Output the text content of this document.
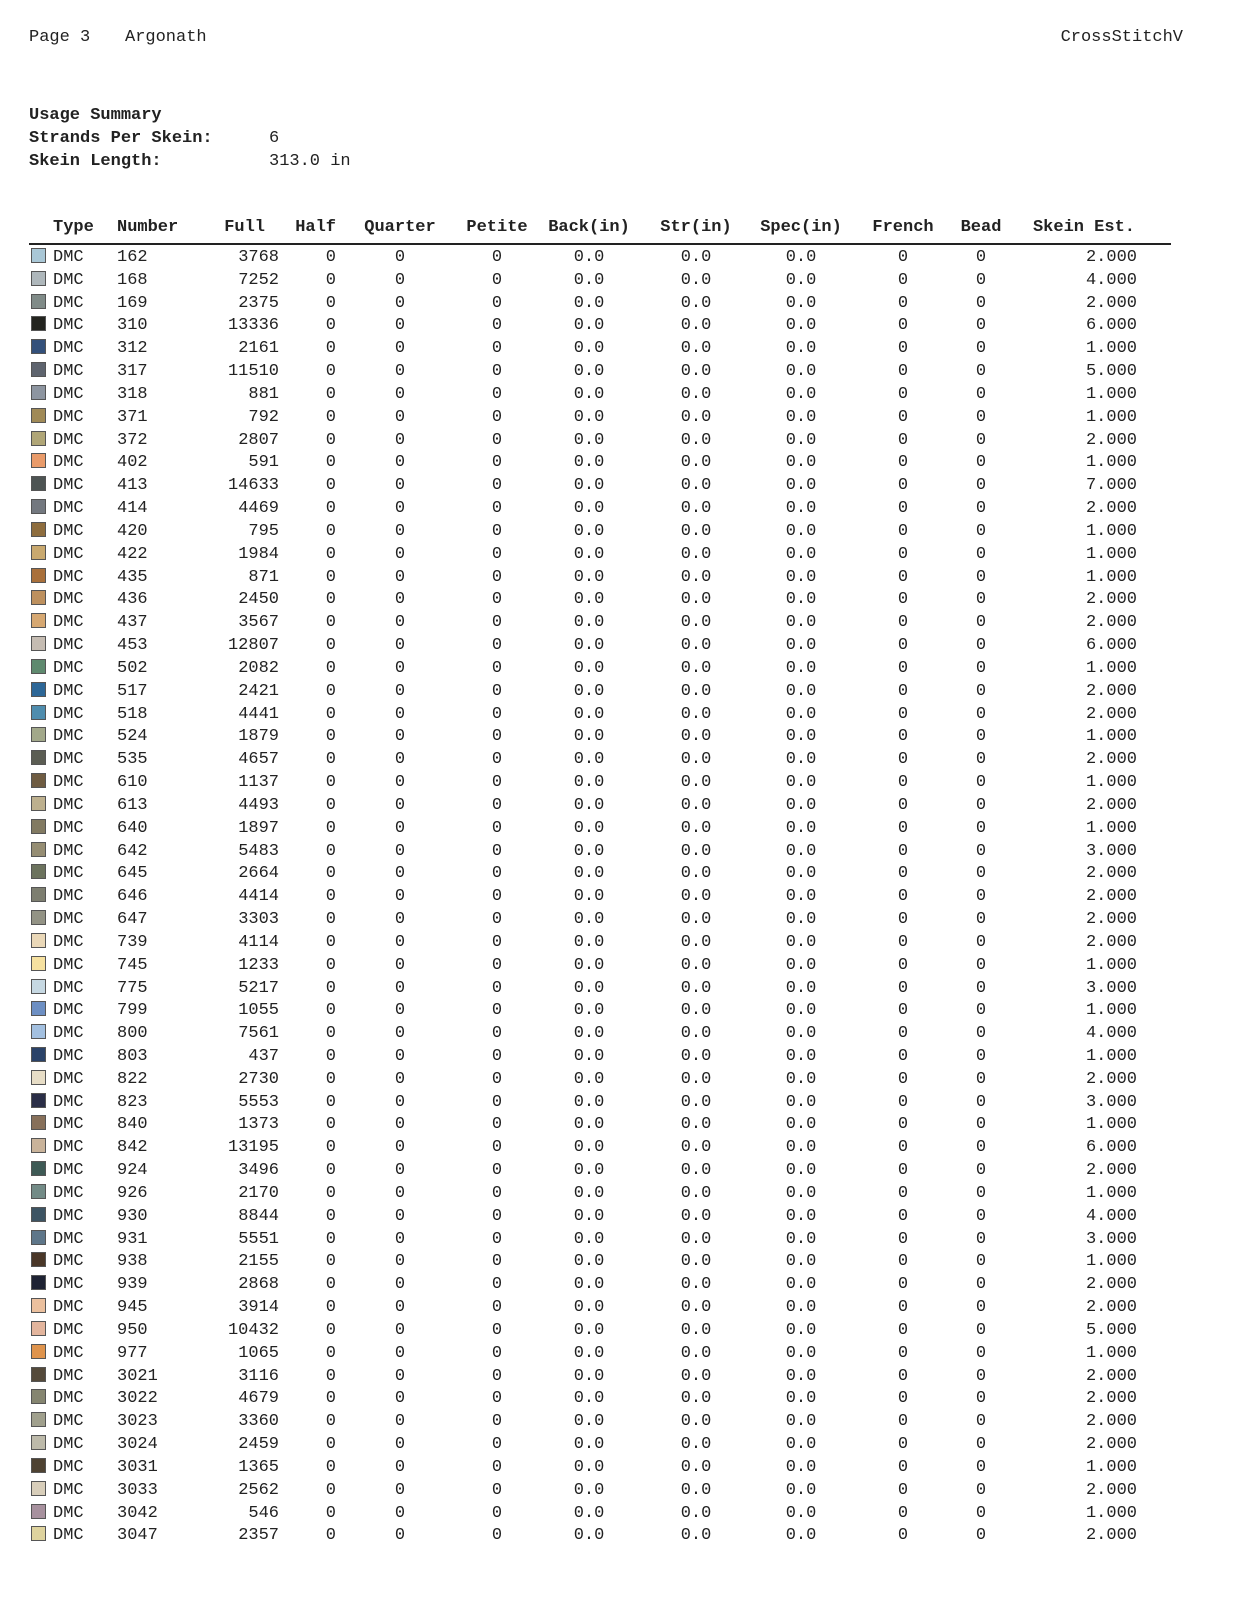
Page 3 Argonath	CrossStitchV
Usage Summary
Strands Per Skein:	6
Skein Length:	313.0 in
Type Number	Full	Half	Quarter	Petite	Back(in)	Str(in)	Spec(in)	French	Bead	Skein Est.
DMC 162	3768	0	0	0	0.0	0.0	0.0	0	0	2.000
DMC 168	7252	0	0	0	0.0	0.0	0.0	0	0	4.000
DMC 169	2375	0	0	0	0.0	0.0	0.0	0	0	2.000
DMC 310	13336	0	0	0	0.0	0.0	0.0	0	0	6.000
DMC 312	2161	0	0	0	0.0	0.0	0.0	0	0	1.000
DMC 317	11510	0	0	0	0.0	0.0	0.0	0	0	5.000
DMC 318	881	0	0	0	0.0	0.0	0.0	0	0	1.000
DMC 371	792	0	0	0	0.0	0.0	0.0	0	0	1.000
DMC 372	2807	0	0	0	0.0	0.0	0.0	0	0	2.000
DMC 402	591	0	0	0	0.0	0.0	0.0	0	0	1.000
DMC 413	14633	0	0	0	0.0	0.0	0.0	0	0	7.000
DMC 414	4469	0	0	0	0.0	0.0	0.0	0	0	2.000
DMC 420	795	0	0	0	0.0	0.0	0.0	0	0	1.000
DMC 422	1984	0	0	0	0.0	0.0	0.0	0	0	1.000
DMC 435	871	0	0	0	0.0	0.0	0.0	0	0	1.000
DMC 436	2450	0	0	0	0.0	0.0	0.0	0	0	2.000
DMC 437	3567	0	0	0	0.0	0.0	0.0	0	0	2.000
DMC 453	12807	0	0	0	0.0	0.0	0.0	0	0	6.000
DMC 502	2082	0	0	0	0.0	0.0	0.0	0	0	1.000
DMC 517	2421	0	0	0	0.0	0.0	0.0	0	0	2.000
DMC 518	4441	0	0	0	0.0	0.0	0.0	0	0	2.000
DMC 524	1879	0	0	0	0.0	0.0	0.0	0	0	1.000
DMC 535	4657	0	0	0	0.0	0.0	0.0	0	0	2.000
DMC 610	1137	0	0	0	0.0	0.0	0.0	0	0	1.000
DMC 613	4493	0	0	0	0.0	0.0	0.0	0	0	2.000
DMC 640	1897	0	0	0	0.0	0.0	0.0	0	0	1.000
DMC 642	5483	0	0	0	0.0	0.0	0.0	0	0	3.000
DMC 645	2664	0	0	0	0.0	0.0	0.0	0	0	2.000
DMC 646	4414	0	0	0	0.0	0.0	0.0	0	0	2.000
DMC 647	3303	0	0	0	0.0	0.0	0.0	0	0	2.000
DMC 739	4114	0	0	0	0.0	0.0	0.0	0	0	2.000
DMC 745	1233	0	0	0	0.0	0.0	0.0	0	0	1.000
DMC 775	5217	0	0	0	0.0	0.0	0.0	0	0	3.000
DMC 799	1055	0	0	0	0.0	0.0	0.0	0	0	1.000
DMC 800	7561	0	0	0	0.0	0.0	0.0	0	0	4.000
DMC 803	437	0	0	0	0.0	0.0	0.0	0	0	1.000
DMC 822	2730	0	0	0	0.0	0.0	0.0	0	0	2.000
DMC 823	5553	0	0	0	0.0	0.0	0.0	0	0	3.000
DMC 840	1373	0	0	0	0.0	0.0	0.0	0	0	1.000
DMC 842	13195	0	0	0	0.0	0.0	0.0	0	0	6.000
DMC 924	3496	0	0	0	0.0	0.0	0.0	0	0	2.000
DMC 926	2170	0	0	0	0.0	0.0	0.0	0	0	1.000
DMC 930	8844	0	0	0	0.0	0.0	0.0	0	0	4.000
DMC 931	5551	0	0	0	0.0	0.0	0.0	0	0	3.000
DMC 938	2155	0	0	0	0.0	0.0	0.0	0	0	1.000
DMC 939	2868	0	0	0	0.0	0.0	0.0	0	0	2.000
DMC 945	3914	0	0	0	0.0	0.0	0.0	0	0	2.000
DMC 950	10432	0	0	0	0.0	0.0	0.0	0	0	5.000
DMC 977	1065	0	0	0	0.0	0.0	0.0	0	0	1.000
DMC 3021	3116	0	0	0	0.0	0.0	0.0	0	0	2.000
DMC 3022	4679	0	0	0	0.0	0.0	0.0	0	0	2.000
DMC 3023	3360	0	0	0	0.0	0.0	0.0	0	0	2.000
DMC 3024	2459	0	0	0	0.0	0.0	0.0	0	0	2.000
DMC 3031	1365	0	0	0	0.0	0.0	0.0	0	0	1.000
DMC 3033	2562	0	0	0	0.0	0.0	0.0	0	0	2.000
DMC 3042	546	0	0	0	0.0	0.0	0.0	0	0	1.000
DMC 3047	2357	0	0	0	0.0	0.0	0.0	0	0	2.000
